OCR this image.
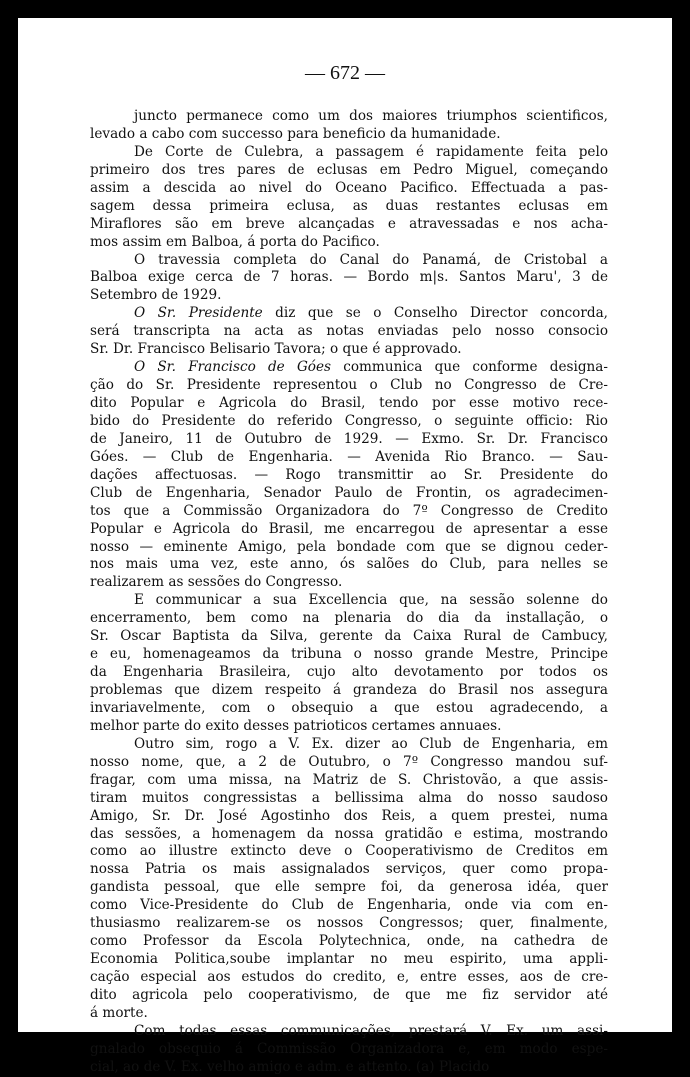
— 672 —
juncto permanece como um dos maiores triumphos scientificos,
levado a cabo com successo para beneficio da humanidade.
De Corte de Culebra, a passagem é rapidamente feita pelo
primeiro dos tres pares de eclusas em Pedro Miguel, começando
assim a descida ao nivel do Oceano Pacifico. Effectuada a pas-
sagem dessa primeira eclusa, as duas restantes eclusas em
Miraflores são em breve alcançadas e atravessadas e nos acha-
mos assim em Balboa, á porta do Pacifico.
O travessia completa do Canal do Panamá, de Cristobal a
Balboa exige cerca de 7 horas. — Bordo m|s. Santos Maru', 3 de
Setembro de 1929.
O Sr. Presidente diz que se o Conselho Director concorda,
será transcripta na acta as notas enviadas pelo nosso consocio
Sr. Dr. Francisco Belisario Tavora; o que é approvado.
O Sr. Francisco de Góes communica que conforme designa-
ção do Sr. Presidente representou o Club no Congresso de Cre-
dito Popular e Agricola do Brasil, tendo por esse motivo rece-
bido do Presidente do referido Congresso, o seguinte officio: Rio
de Janeiro, 11 de Outubro de 1929. — Exmo. Sr. Dr. Francisco
Góes. — Club de Engenharia. — Avenida Rio Branco. — Sau-
dações affectuosas. — Rogo transmittir ao Sr. Presidente do
Club de Engenharia, Senador Paulo de Frontin, os agradecimen-
tos que a Commissão Organizadora do 7º Congresso de Credito
Popular e Agricola do Brasil, me encarregou de apresentar a esse
nosso — eminente Amigo, pela bondade com que se dignou ceder-
nos mais uma vez, este anno, ós salões do Club, para nelles se
realizarem as sessões do Congresso.
E communicar a sua Excellencia que, na sessão solenne do
encerramento, bem como na plenaria do dia da installação, o
Sr. Oscar Baptista da Silva, gerente da Caixa Rural de Cambucy,
e eu, homenageamos da tribuna o nosso grande Mestre, Principe
da Engenharia Brasileira, cujo alto devotamento por todos os
problemas que dizem respeito á grandeza do Brasil nos assegura
invariavelmente, com o obsequio a que estou agradecendo, a
melhor parte do exito desses patrioticos certames annuaes.
Outro sim, rogo a V. Ex. dizer ao Club de Engenharia, em
nosso nome, que, a 2 de Outubro, o 7º Congresso mandou suf-
fragar, com uma missa, na Matriz de S. Christovão, a que assis-
tiram muitos congressistas a bellissima alma do nosso saudoso
Amigo, Sr. Dr. José Agostinho dos Reis, a quem prestei, numa
das sessões, a homenagem da nossa gratidão e estima, mostrando
como ao illustre extincto deve o Cooperativismo de Creditos em
nossa Patria os mais assignalados serviços, quer como propa-
gandista pessoal, que elle sempre foi, da generosa idéa, quer
como Vice-Presidente do Club de Engenharia, onde via com en-
thusiasmo realizarem-se os nossos Congressos; quer, finalmente,
como Professor da Escola Polytechnica, onde, na cathedra de
Economia Politica,soube implantar no meu espirito, uma appli-
cação especial aos estudos do credito, e, entre esses, aos de cre-
dito agricola pelo cooperativismo, de que me fiz servidor até
á morte.
Com todas essas communicações, prestará V. Ex. um assi-
gnalado obsequio á Commissão Organizadora e, em modo espe-
cial, ao de V. Ex. velho amigo e adm. e attento. (a) Placido
